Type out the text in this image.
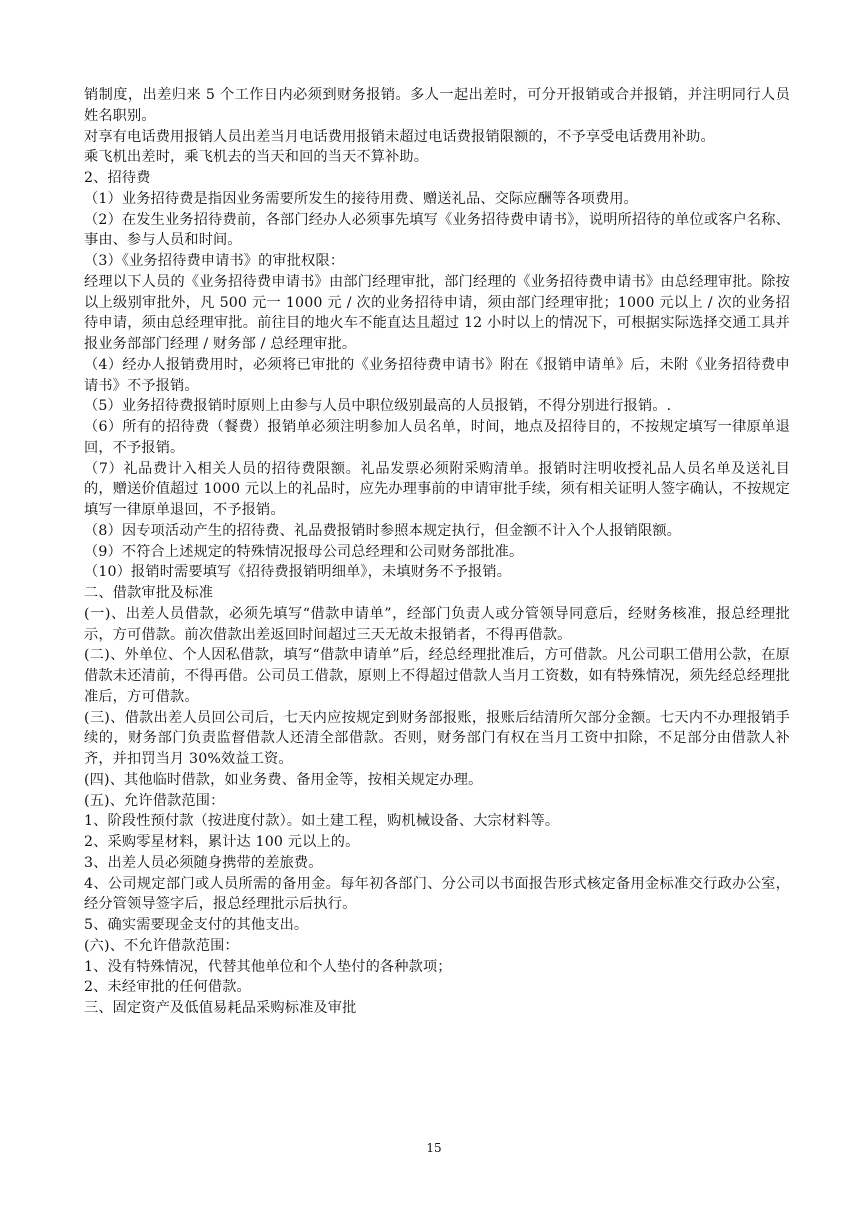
销制度，出差归来 5 个工作日内必须到财务报销。多人一起出差时，可分开报销或合并报销，并注明同行人员姓名职别。

对享有电话费用报销人员出差当月电话费用报销未超过电话费报销限额的，不予享受电话费用补助。

乘飞机出差时，乘飞机去的当天和回的当天不算补助。

2、招待费

（1）业务招待费是指因业务需要所发生的接待用费、赠送礼品、交际应酬等各项费用。

（2）在发生业务招待费前，各部门经办人必须事先填写《业务招待费申请书》，说明所招待的单位或客户名称、事由、参与人员和时间。

（3）《业务招待费申请书》的审批权限：

经理以下人员的《业务招待费申请书》由部门经理审批，部门经理的《业务招待费申请书》由总经理审批。除按以上级别审批外，凡 500 元一 1000 元 / 次的业务招待申请，须由部门经理审批；1000 元以上 / 次的业务招待申请，须由总经理审批。前往目的地火车不能直达且超过 12 小时以上的情况下，可根据实际选择交通工具并报业务部部门经理 / 财务部 / 总经理审批。

（4）经办人报销费用时，必须将已审批的《业务招待费申请书》附在《报销申请单》后，未附《业务招待费申请书》不予报销。

（5）业务招待费报销时原则上由参与人员中职位级别最高的人员报销，不得分别进行报销。.

（6）所有的招待费（餐费）报销单必须注明参加人员名单，时间，地点及招待目的，不按规定填写一律原单退回，不予报销。

（7）礼品费计入相关人员的招待费限额。礼品发票必须附采购清单。报销时注明收授礼品人员名单及送礼目的，赠送价值超过 1000 元以上的礼品时，应先办理事前的申请审批手续，须有相关证明人签字确认，不按规定填写一律原单退回，不予报销。

（8）因专项活动产生的招待费、礼品费报销时参照本规定执行，但金额不计入个人报销限额。

（9）不符合上述规定的特殊情况报母公司总经理和公司财务部批准。

（10）报销时需要填写《招待费报销明细单》，未填财务不予报销。

二、借款审批及标准

(一)、出差人员借款，必须先填写“借款申请单”，经部门负责人或分管领导同意后，经财务核准，报总经理批示，方可借款。前次借款出差返回时间超过三天无故未报销者，不得再借款。

(二)、外单位、个人因私借款，填写“借款申请单”后，经总经理批准后，方可借款。凡公司职工借用公款，在原借款未还清前，不得再借。公司员工借款，原则上不得超过借款人当月工资数，如有特殊情况，须先经总经理批准后，方可借款。

(三)、借款出差人员回公司后，七天内应按规定到财务部报账，报账后结清所欠部分金额。七天内不办理报销手续的，财务部门负责监督借款人还清全部借款。否则，财务部门有权在当月工资中扣除，不足部分由借款人补齐，并扣罚当月 30%效益工资。

(四)、其他临时借款，如业务费、备用金等，按相关规定办理。

(五)、允许借款范围：

1、阶段性预付款（按进度付款）。如土建工程，购机械设备、大宗材料等。

2、采购零星材料，累计达 100 元以上的。

3、出差人员必须随身携带的差旅费。

4、公司规定部门或人员所需的备用金。每年初各部门、分公司以书面报告形式核定备用金标准交行政办公室，经分管领导签字后，报总经理批示后执行。

5、确实需要现金支付的其他支出。

(六)、不允许借款范围：

1、没有特殊情况，代替其他单位和个人垫付的各种款项；

2、未经审批的任何借款。

三、固定资产及低值易耗品采购标准及审批

15
